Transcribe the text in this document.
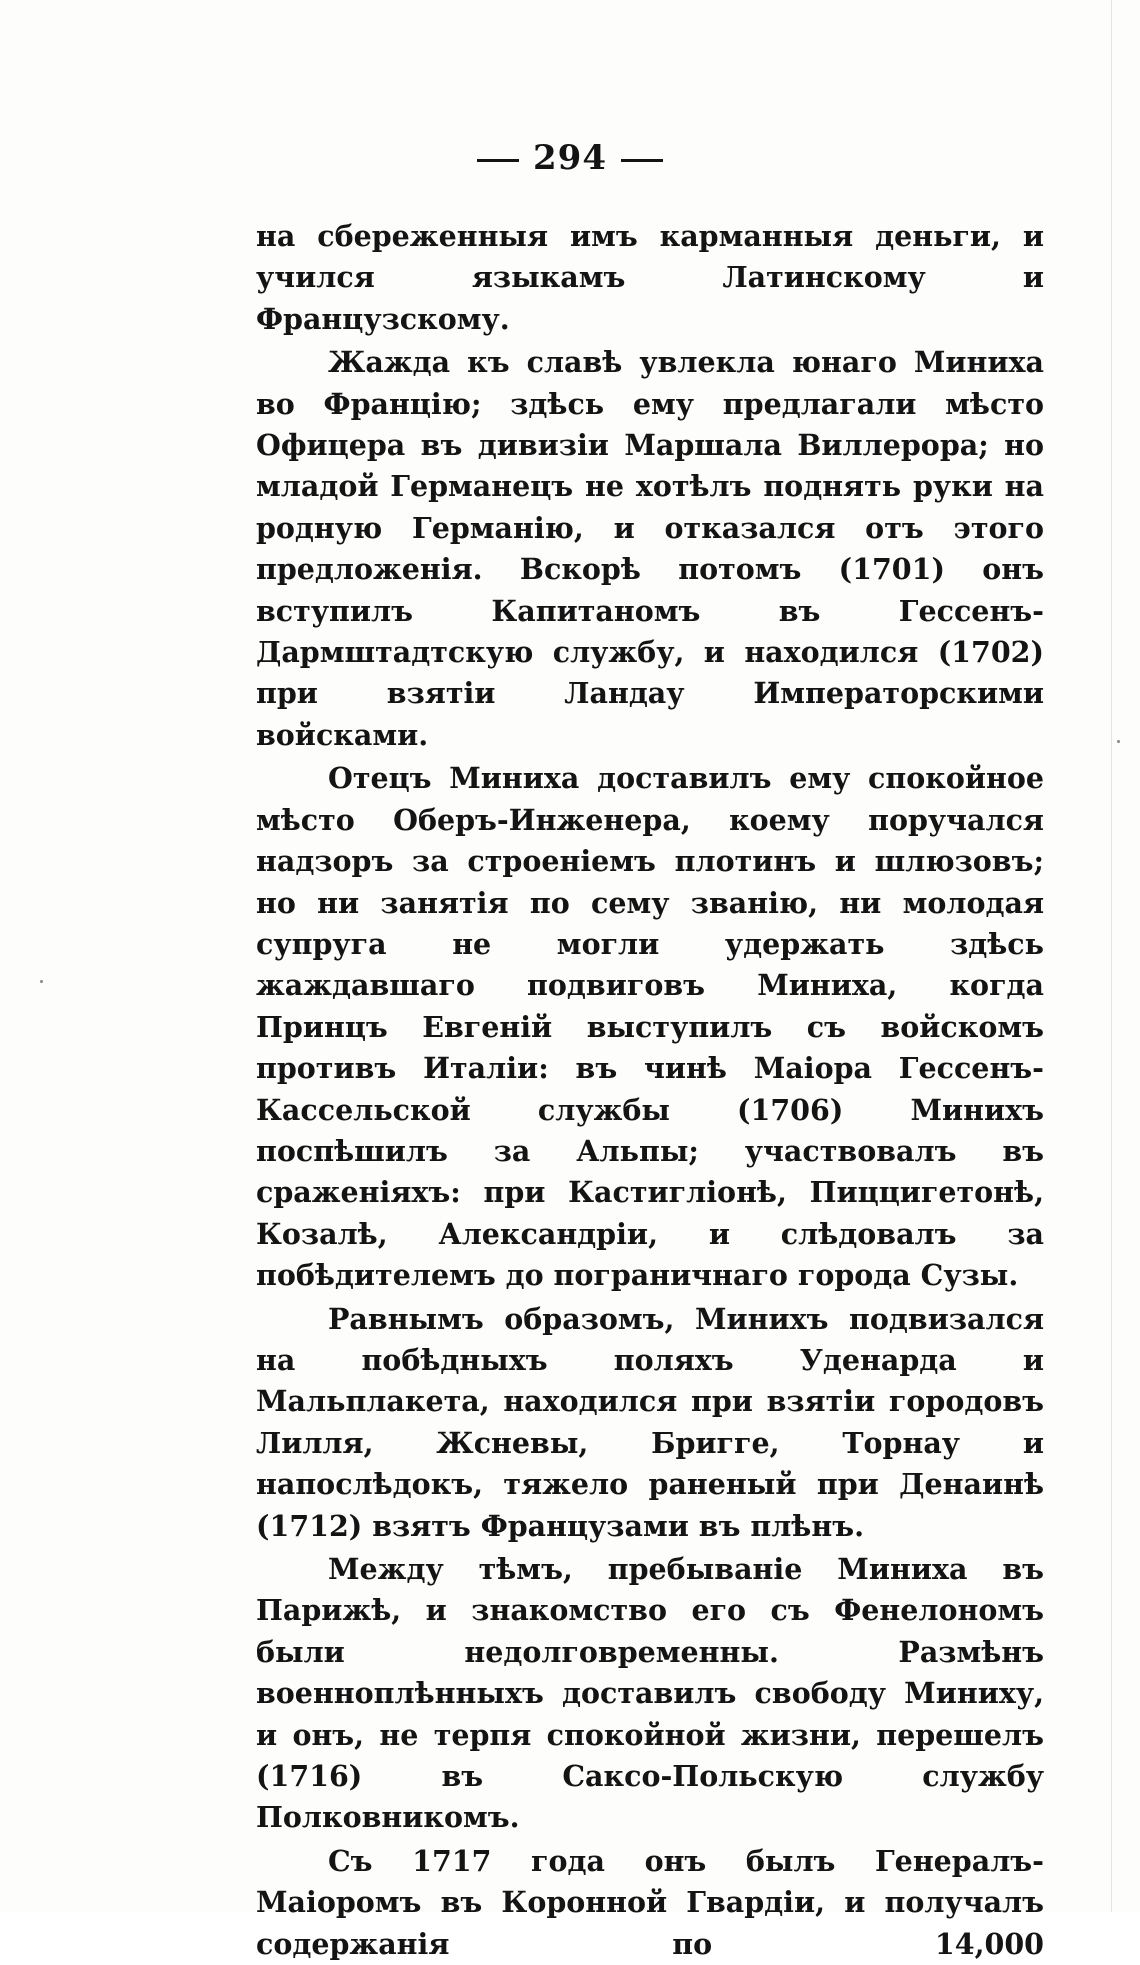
294

на сбереженныя имъ карманныя деньги, и учился языкамъ Латинскому и Французскому.

Жажда къ славѣ увлекла юнаго Миниха во Францію; здѣсь ему предлагали мѣсто Офицера въ дивизіи Маршала Виллерора; но младой Германецъ не хотѣлъ поднять руки на родную Германію, и отказался отъ этого предложенія. Вскорѣ потомъ (1701) онъ вступилъ Капитаномъ въ Гессенъ-Дармштадтскую службу, и находился (1702) при взятіи Ландау Императорскими войсками.

Отецъ Миниха доставилъ ему спокойное мѣсто Оберъ-Инженера, коему поручался надзоръ за строеніемъ плотинъ и шлюзовъ; но ни занятія по сему званію, ни молодая супруга не могли удержать здѣсь жаждавшаго подвиговъ Миниха, когда Принцъ Евгеній выступилъ съ войскомъ противъ Италіи: въ чинѣ Маіора Гессенъ-Кассельской службы (1706) Минихъ поспѣшилъ за Альпы; участвовалъ въ сраженіяхъ: при Кастигліонѣ, Пиццигетонѣ, Козалѣ, Александріи, и слѣдовалъ за побѣдителемъ до пограничнаго города Сузы.

Равнымъ образомъ, Минихъ подвизался на побѣдныхъ поляхъ Уденарда и Мальплакета, находился при взятіи городовъ Лилля, Жсневы, Бригге, Торнау и напослѣдокъ, тяжело раненый при Денаинѣ (1712) взятъ Французами въ плѣнъ.

Между тѣмъ, пребываніе Миниха въ Парижѣ, и знакомство его съ Фенелономъ были недолговременны. Размѣнъ военноплѣнныхъ доставилъ свободу Миниху, и онъ, не терпя спокойной жизни, перешелъ (1716) въ Саксо-Польскую службу Полковникомъ.

Съ 1717 года онъ былъ Генералъ-Маіоромъ въ Коронной Гвардіи, и получалъ содержанія по 14,000
